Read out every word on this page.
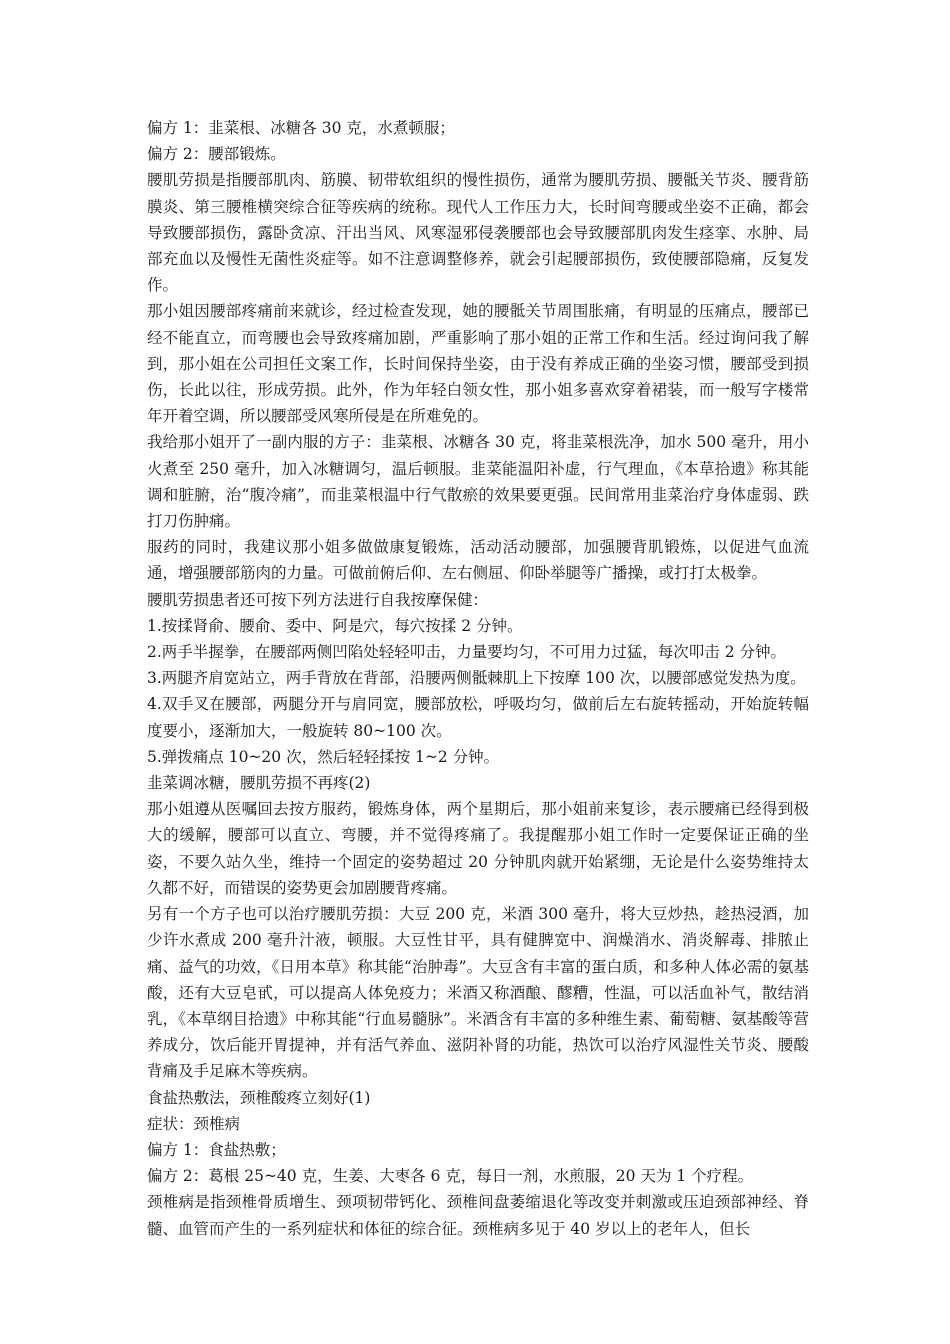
偏方 1：韭菜根、冰糖各 30 克，水煮顿服；

偏方 2：腰部锻炼。

腰肌劳损是指腰部肌肉、筋膜、韧带软组织的慢性损伤，通常为腰肌劳损、腰骶关节炎、腰背筋膜炎、第三腰椎横突综合征等疾病的统称。现代人工作压力大，长时间弯腰或坐姿不正确，都会导致腰部损伤，露卧贪凉、汗出当风、风寒湿邪侵袭腰部也会导致腰部肌肉发生痉挛、水肿、局部充血以及慢性无菌性炎症等。如不注意调整修养，就会引起腰部损伤，致使腰部隐痛，反复发作。

那小姐因腰部疼痛前来就诊，经过检查发现，她的腰骶关节周围胀痛，有明显的压痛点，腰部已经不能直立，而弯腰也会导致疼痛加剧，严重影响了那小姐的正常工作和生活。经过询问我了解到，那小姐在公司担任文案工作，长时间保持坐姿，由于没有养成正确的坐姿习惯，腰部受到损伤，长此以往，形成劳损。此外，作为年轻白领女性，那小姐多喜欢穿着裙装，而一般写字楼常年开着空调，所以腰部受风寒所侵是在所难免的。

我给那小姐开了一副内服的方子：韭菜根、冰糖各 30 克，将韭菜根洗净，加水 500 毫升，用小火煮至 250 毫升，加入冰糖调匀，温后顿服。韭菜能温阳补虚，行气理血，《本草拾遗》称其能调和脏腑，治“腹冷痛”，而韭菜根温中行气散瘀的效果要更强。民间常用韭菜治疗身体虚弱、跌打刀伤肿痛。

服药的同时，我建议那小姐多做做康复锻炼，活动活动腰部，加强腰背肌锻炼，以促进气血流通，增强腰部筋肉的力量。可做前俯后仰、左右侧屈、仰卧举腿等广播操，或打打太极拳。

腰肌劳损患者还可按下列方法进行自我按摩保健：

1.按揉肾俞、腰俞、委中、阿是穴，每穴按揉 2 分钟。

2.两手半握拳，在腰部两侧凹陷处轻轻叩击，力量要均匀，不可用力过猛，每次叩击 2 分钟。

3.两腿齐肩宽站立，两手背放在背部，沿腰两侧骶棘肌上下按摩 100 次，以腰部感觉发热为度。

4.双手叉在腰部，两腿分开与肩同宽，腰部放松，呼吸均匀，做前后左右旋转摇动，开始旋转幅度要小，逐渐加大，一般旋转 80~100 次。

5.弹拨痛点 10~20 次，然后轻轻揉按 1~2 分钟。

韭菜调冰糖，腰肌劳损不再疼(2)

那小姐遵从医嘱回去按方服药，锻炼身体，两个星期后，那小姐前来复诊，表示腰痛已经得到极大的缓解，腰部可以直立、弯腰，并不觉得疼痛了。我提醒那小姐工作时一定要保证正确的坐姿，不要久站久坐，维持一个固定的姿势超过 20 分钟肌肉就开始紧绷，无论是什么姿势维持太久都不好，而错误的姿势更会加剧腰背疼痛。

另有一个方子也可以治疗腰肌劳损：大豆 200 克，米酒 300 毫升，将大豆炒热，趁热浸酒，加少许水煮成 200 毫升汁液，顿服。大豆性甘平，具有健脾宽中、润燥消水、消炎解毒、排脓止痛、益气的功效，《日用本草》称其能“治肿毒”。大豆含有丰富的蛋白质，和多种人体必需的氨基酸，还有大豆皂甙，可以提高人体免疫力；米酒又称酒酿、醪糟，性温，可以活血补气，散结消乳，《本草纲目拾遗》中称其能“行血易髓脉”。米酒含有丰富的多种维生素、葡萄糖、氨基酸等营养成分，饮后能开胃提神，并有活气养血、滋阴补肾的功能，热饮可以治疗风湿性关节炎、腰酸背痛及手足麻木等疾病。

食盐热敷法，颈椎酸疼立刻好(1)

症状：颈椎病

偏方 1：食盐热敷；

偏方 2：葛根 25~40 克，生姜、大枣各 6 克，每日一剂，水煎服，20 天为 1 个疗程。

颈椎病是指颈椎骨质增生、颈项韧带钙化、颈椎间盘萎缩退化等改变并刺激或压迫颈部神经、脊髓、血管而产生的一系列症状和体征的综合征。颈椎病多见于 40 岁以上的老年人，但长
